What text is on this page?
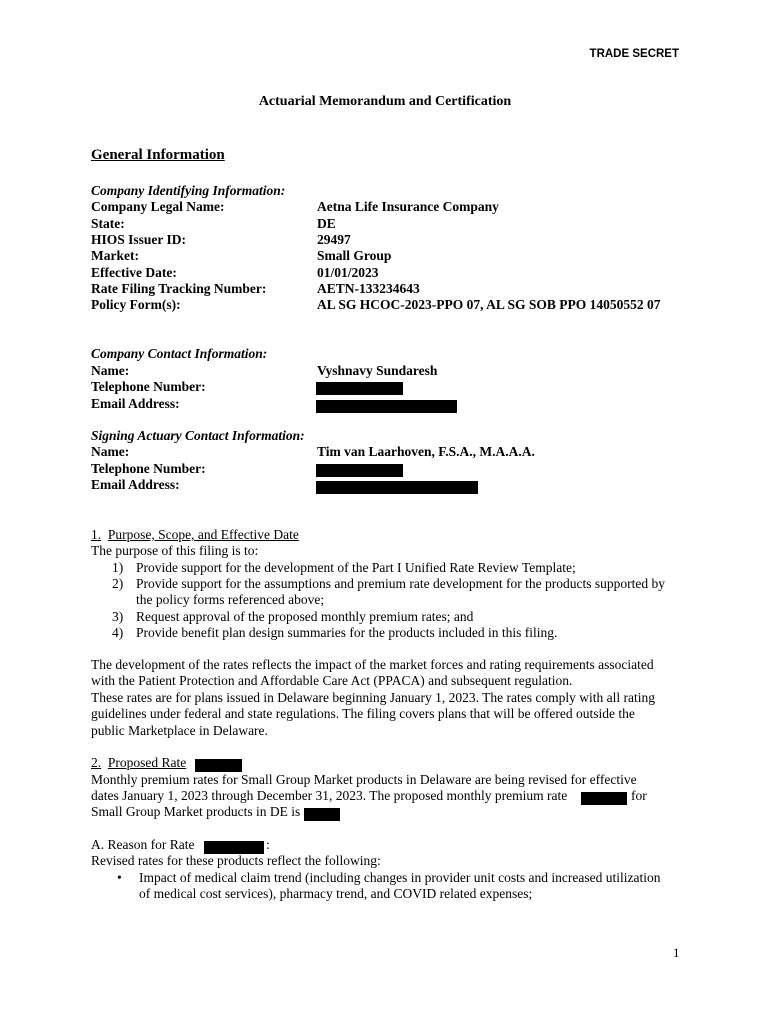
TRADE SECRET
Actuarial Memorandum and Certification
General Information
Company Identifying Information:
Company Legal Name:	Aetna Life Insurance Company
State:	DE
HIOS Issuer ID:	29497
Market:	Small Group
Effective Date:	01/01/2023
Rate Filing Tracking Number:	AETN-133234643
Policy Form(s):	AL SG HCOC-2023-PPO 07, AL SG SOB PPO 14050552 07
Company Contact Information:
Name:	Vyshnavy Sundaresh
Telephone Number:
Email Address:
Signing Actuary Contact Information:
Name:	Tim van Laarhoven, F.S.A., M.A.A.A.
Telephone Number:
Email Address:
1. Purpose, Scope, and Effective Date
The purpose of this filing is to:
1) Provide support for the development of the Part I Unified Rate Review Template;
2) Provide support for the assumptions and premium rate development for the products supported by
the policy forms referenced above;
3) Request approval of the proposed monthly premium rates; and
4) Provide benefit plan design summaries for the products included in this filing.
The development of the rates reflects the impact of the market forces and rating requirements associated
with the Patient Protection and Affordable Care Act (PPACA) and subsequent regulation.
These rates are for plans issued in Delaware beginning January 1, 2023. The rates comply with all rating
guidelines under federal and state regulations. The filing covers plans that will be offered outside the
public Marketplace in Delaware.
2. Proposed Rate
Monthly premium rates for Small Group Market products in Delaware are being revised for effective
dates January 1, 2023 through December 31, 2023. The proposed monthly premium rate	for
Small Group Market products in DE is
A. Reason for Rate	:
Revised rates for these products reflect the following:
• Impact of medical claim trend (including changes in provider unit costs and increased utilization
of medical cost services), pharmacy trend, and COVID related expenses;
1
